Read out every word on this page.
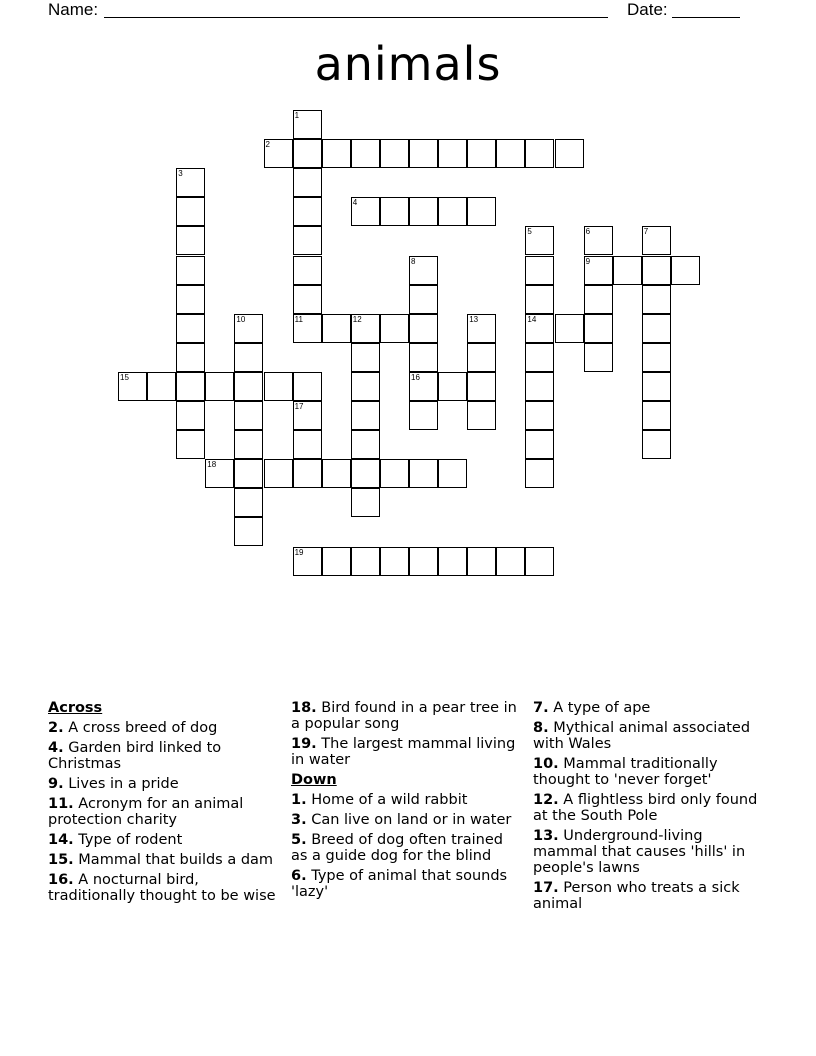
Name:	Date:
animals
2
4
9
11	12	14
15	16
18
19
1
3
5	6	7
8
10	13
17
Across
2. A cross breed of dog
4. Garden bird linked to Christmas
9. Lives in a pride
11. Acronym for an animal protection charity
14. Type of rodent
15. Mammal that builds a dam
16. A nocturnal bird, traditionally thought to be wise
18. Bird found in a pear tree in a popular song
19. The largest mammal living in water
Down
1. Home of a wild rabbit
3. Can live on land or in water
5. Breed of dog often trained as a guide dog for the blind
6. Type of animal that sounds 'lazy'
7. A type of ape
8. Mythical animal associated with Wales
10. Mammal traditionally thought to 'never forget'
12. A flightless bird only found at the South Pole
13. Underground-living mammal that causes 'hills' in people's lawns
17. Person who treats a sick animal
